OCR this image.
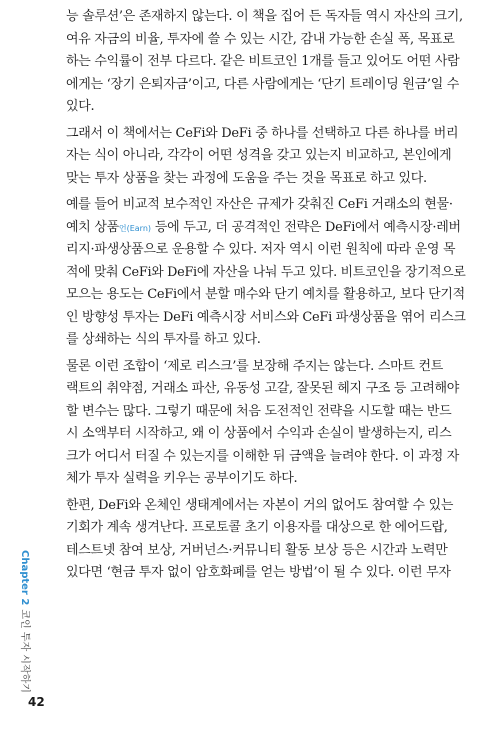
능 솔루션’은 존재하지 않는다. 이 책을 집어 든 독자들 역시 자산의 크기,
여유 자금의 비율, 투자에 쓸 수 있는 시간, 감내 가능한 손실 폭, 목표로
하는 수익률이 전부 다르다. 같은 비트코인 1개를 들고 있어도 어떤 사람
에게는 ‘장기 은퇴자금’이고, 다른 사람에게는 ‘단기 트레이딩 원금’일 수
있다.
그래서 이 책에서는 CeFi와 DeFi 중 하나를 선택하고 다른 하나를 버리
자는 식이 아니라, 각각이 어떤 성격을 갖고 있는지 비교하고, 본인에게
맞는 투자 상품을 찾는 과정에 도움을 주는 것을 목표로 하고 있다.
예를 들어 비교적 보수적인 자산은 규제가 갖춰진 CeFi 거래소의 현물·
예치 상품언(Earn) 등에 두고, 더 공격적인 전략은 DeFi에서 예측시장·레버
리지·파생상품으로 운용할 수 있다. 저자 역시 이런 원칙에 따라 운영 목
적에 맞춰 CeFi와 DeFi에 자산을 나눠 두고 있다. 비트코인을 장기적으로
모으는 용도는 CeFi에서 분할 매수와 단기 예치를 활용하고, 보다 단기적
인 방향성 투자는 DeFi 예측시장 서비스와 CeFi 파생상품을 엮어 리스크
를 상쇄하는 식의 투자를 하고 있다.
물론 이런 조합이 ‘제로 리스크’를 보장해 주지는 않는다. 스마트 컨트
랙트의 취약점, 거래소 파산, 유동성 고갈, 잘못된 헤지 구조 등 고려해야
할 변수는 많다. 그렇기 때문에 처음 도전적인 전략을 시도할 때는 반드
시 소액부터 시작하고, 왜 이 상품에서 수익과 손실이 발생하는지, 리스
크가 어디서 터질 수 있는지를 이해한 뒤 금액을 늘려야 한다. 이 과정 자
체가 투자 실력을 키우는 공부이기도 하다.
한편, DeFi와 온체인 생태계에서는 자본이 거의 없어도 참여할 수 있는
기회가 계속 생겨난다. 프로토콜 초기 이용자를 대상으로 한 에어드랍,
테스트넷 참여 보상, 거버넌스·커뮤니티 활동 보상 등은 시간과 노력만
있다면 ‘현금 투자 없이 암호화폐를 얻는 방법’이 될 수 있다. 이런 무자
Chapter 2코인 투자 시작하기
42
